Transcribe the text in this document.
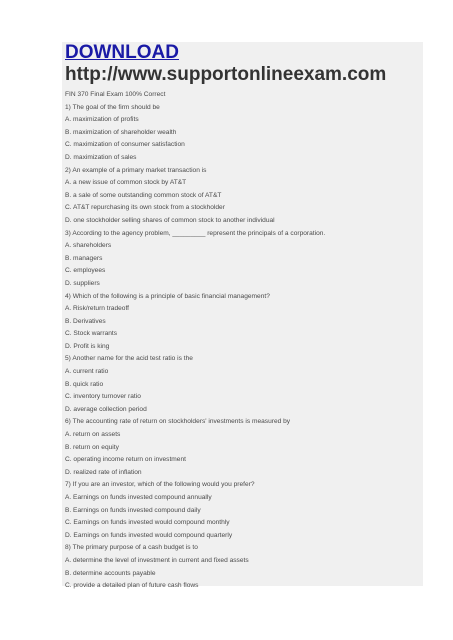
DOWNLOAD
http://www.supportonlineexam.com
FIN 370 Final Exam 100% Correct
1) The goal of the firm should be
A. maximization of profits
B. maximization of shareholder wealth
C. maximization of consumer satisfaction
D. maximization of sales
2) An example of a primary market transaction is
A. a new issue of common stock by AT&T
B. a sale of some outstanding common stock of AT&T
C. AT&T repurchasing its own stock from a stockholder
D. one stockholder selling shares of common stock to another individual
3) According to the agency problem, _________ represent the principals of a corporation.
A. shareholders
B. managers
C. employees
D. suppliers
4) Which of the following is a principle of basic financial management?
A. Risk/return tradeoff
B. Derivatives
C. Stock warrants
D. Profit is king
5) Another name for the acid test ratio is the
A. current ratio
B. quick ratio
C. inventory turnover ratio
D. average collection period
6) The accounting rate of return on stockholders' investments is measured by
A. return on assets
B. return on equity
C. operating income return on investment
D. realized rate of inflation
7) If you are an investor, which of the following would you prefer?
A. Earnings on funds invested compound annually
B. Earnings on funds invested compound daily
C. Earnings on funds invested would compound monthly
D. Earnings on funds invested would compound quarterly
8) The primary purpose of a cash budget is to
A. determine the level of investment in current and fixed assets
B. determine accounts payable
C. provide a detailed plan of future cash flows
